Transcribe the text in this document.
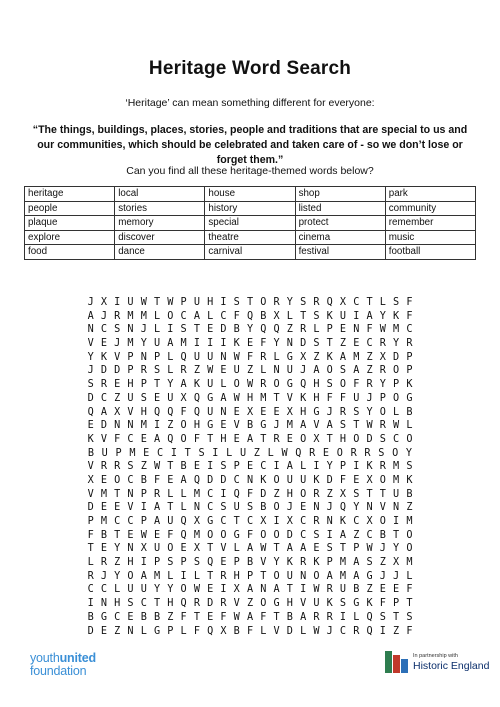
Heritage Word Search
‘Heritage’ can mean something different for everyone:
“The things, buildings, places, stories, people and traditions that are special to us and our communities, which should be celebrated and taken care of - so we don’t lose or forget them.”
Can you find all these heritage-themed words below?
heritage	local	house	shop	park
people	stories	history	listed	community
plaque	memory	special	protect	remember
explore	discover	theatre	cinema	music
food	dance	carnival	festival	football
J X I U W T W P U H I S T O R Y S R Q X C T L S F
A J R M M L O C A L C F Q B X L T S K U I A Y K F
N C S N J L I S T E D B Y Q Q Z R L P E N F W M C
V E J M Y U A M I I I K E F Y N D S T Z E C R Y R
Y K V P N P L Q U U N W F R L G X Z K A M Z X D P
J D D P R S L R Z W E U Z L N U J A O S A Z R O P
S R E H P T Y A K U L O W R O G Q H S O F R Y P K
D C Z U S E U X Q G A W H M T V K H F F U J P O G
Q A X V H Q Q F Q U N E X E E X H G J R S Y O L B
E D N N M I Z O H G E V B G J M A V A S T W R W L
K V F C E A Q O F T H E A T R E O X T H O D S C O
B U P M E C I T S I L U Z L W Q R E O R R S O Y
V R R S Z W T B E I S P E C I A L I Y P I K R M S
X E O C B F E A Q D D C N K O U U K D F E X O M K
V M T N P R L L M C I Q F D Z H O R Z X S T T U B
D E E V I A T L N C S U S B O J E N J Q Y N V N Z
P M C C P A U Q X G C T C X I X C R N K C X O I M
F B T E W E F Q M O O G F O O D C S I A Z C B T O
T E Y N X U O E X T V L A W T A A E S T P W J Y O
L R Z H I P S P S Q E P B V Y K R K P M A S Z X M
R J Y O A M L I L T R H P T O U N O A M A G J J L
C C L U U Y Y O W E I X A N A T I W R U B Z E E F
I N H S C T H Q R D R V Z O G H V U K S G K F P T
B G C E B B Z F T E F W A F T B A R R I L Q S T S
D E Z N L G P L F Q X B F L V D L W J C R Q I Z F
youthunited
foundation
In partnership with
Historic England
